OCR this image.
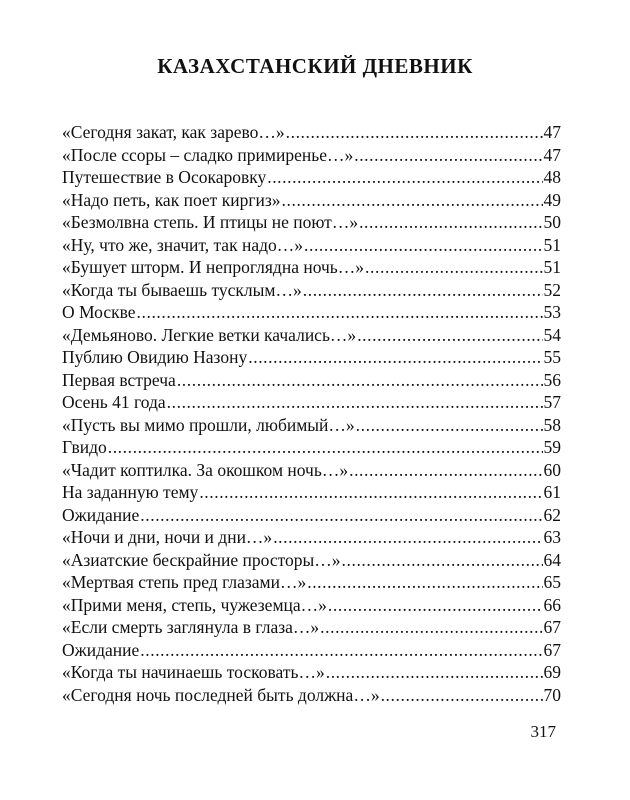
КАЗАХСТАНСКИЙ ДНЕВНИК
«Сегодня закат, как зарево…» .....	47
«После ссоры – сладко примиренье…» .....	47
Путешествие в Осокаровку .....	48
«Надо петь, как поет киргиз» .....	49
«Безмолвна степь. И птицы не поют…» .....	50
«Ну, что же, значит, так надо…» .....	51
«Бушует шторм. И непроглядна ночь…» .....	51
«Когда ты бываешь тусклым…» .....	52
О Москве .....	53
«Демьяново. Легкие ветки качались…» .....	54
Публию Овидию Назону .....	55
Первая встреча .....	56
Осень 41 года .....	57
«Пусть вы мимо прошли, любимый…» .....	58
Гвидо .....	59
«Чадит коптилка. За окошком ночь…» .....	60
На заданную тему .....	61
Ожидание .....	62
«Ночи и дни, ночи и дни…» .....	63
«Азиатские бескрайние просторы…» .....	64
«Мертвая степь пред глазами…» .....	65
«Прими меня, степь, чужеземца…» .....	66
«Если смерть заглянула в глаза…» .....	67
Ожидание .....	67
«Когда ты начинаешь тосковать…» .....	69
«Сегодня ночь последней быть должна…» .....	70
317
